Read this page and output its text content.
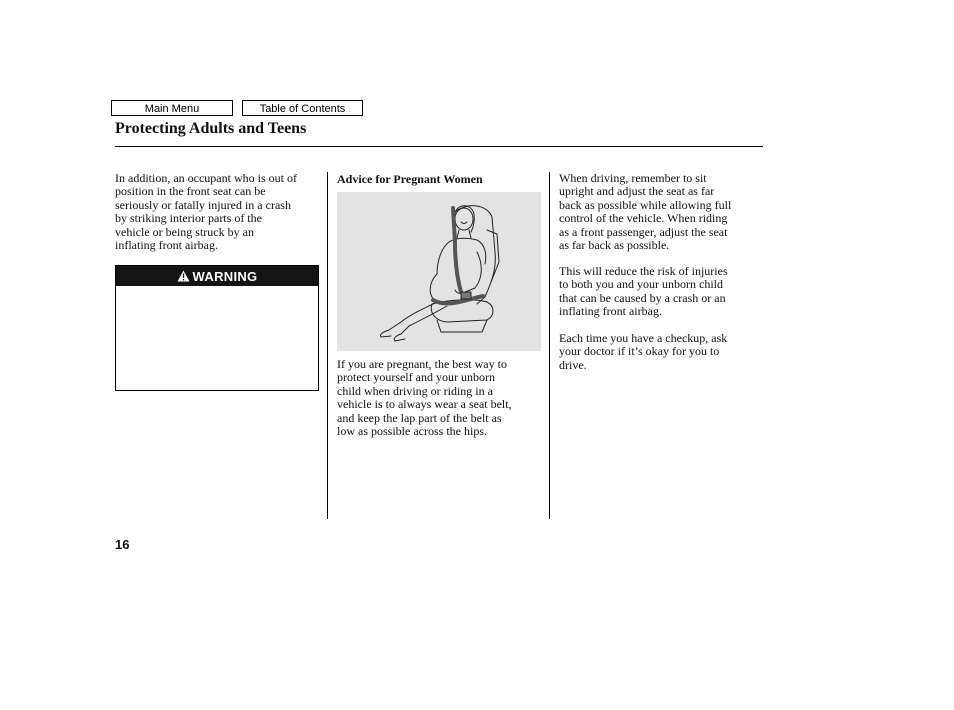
Main Menu	Table of Contents
Protecting Adults and Teens

In addition, an occupant who is out of
position in the front seat can be
seriously or fatally injured in a crash
by striking interior parts of the
vehicle or being struck by an
inflating front airbag.

WARNING
Advice for Pregnant Women

If you are pregnant, the best way to
protect yourself and your unborn
child when driving or riding in a
vehicle is to always wear a seat belt,
and keep the lap part of the belt as
low as possible across the hips.

When driving, remember to sit
upright and adjust the seat as far
back as possible while allowing full
control of the vehicle. When riding
as a front passenger, adjust the seat
as far back as possible.

This will reduce the risk of injuries
to both you and your unborn child
that can be caused by a crash or an
inflating front airbag.

Each time you have a checkup, ask
your doctor if it’s okay for you to
drive.

16
